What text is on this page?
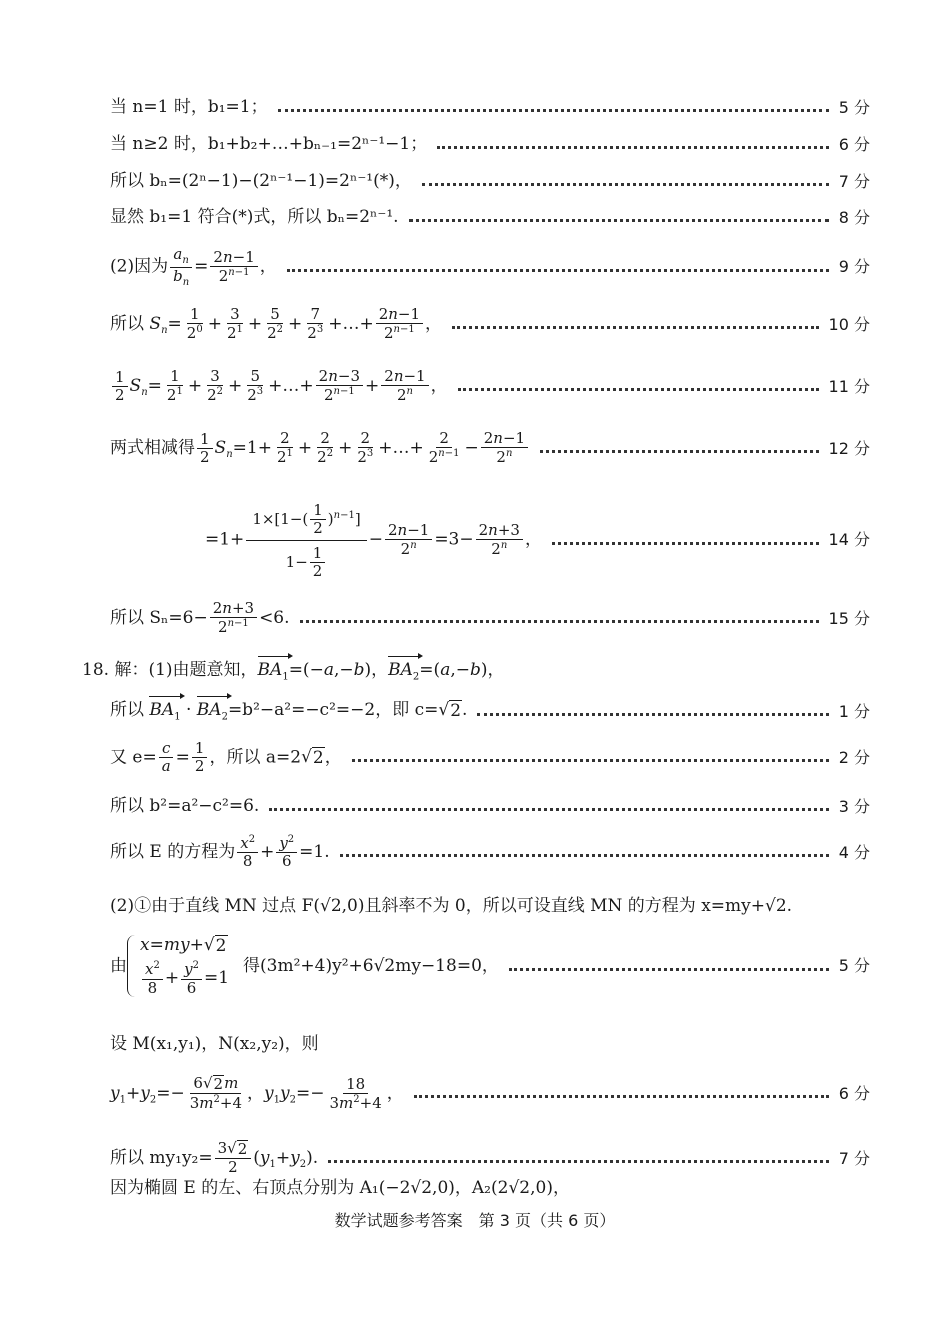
当 n=1 时，b₁=1；	5 分
当 n≥2 时，b₁+b₂+…+bₙ₋₁=2ⁿ⁻¹−1；	6 分
所以 bₙ=(2ⁿ−1)−(2ⁿ⁻¹−1)=2ⁿ⁻¹(*)，	7 分
显然 b₁=1 符合(*)式，所以 bₙ=2ⁿ⁻¹.	8 分
(2)因为 $\frac{a_n}{b_n} = \frac{2n-1}{2^{n-1}}$ ，	9 分
所以 $S_n= \frac{1}{2^0} + \frac{3}{2^1} + \frac{5}{2^2} + \frac{7}{2^3}$ +…+ $\frac{2n-1}{2^{n-1}}$ ，	10 分
$\frac{1}{2} S_n= \frac{1}{2^1} + \frac{3}{2^2} + \frac{5}{2^3}$ +…+ $\frac{2n-3}{2^{n-1}} + \frac{2n-1}{2^n}$ ，	11 分
两式相减得 $\frac{1}{2} S_n=1+ \frac{2}{2^1} + \frac{2}{2^2} + \frac{2}{2^3}$ +…+ $\frac{2}{2^{n-1}} - \frac{2n-1}{2^n}$	12 分
$=1+ \frac{1\times[1-( \frac{1}{2} )^{n-1}]}{1- \frac{1}{2}} - \frac{2n-1}{2^n} =3- \frac{2n+3}{2^n}$ ，	14 分
所以 $S_n=6- \frac{2n+3}{2^{n-1}} <6$.	15 分
18. 解：(1)由题意知，$BA_1=(-a,-b)$，$BA_2=(a,-b)$，
所以 $BA_1 \cdot BA_2=b^2-a^2=-c^2=-2$，即 c=√ 2 .	1 分
又 $e= \frac{c}{a} = \frac{1}{2}$ ，所以 a=2√ 2 ，	2 分
所以 b²=a²−c²=6.	3 分
所以 E 的方程为 $\frac{x^2}{8} + \frac{y^2}{6} =1$.	4 分
(2)①由于直线 MN 过点 F(√2,0)且斜率不为 0，所以可设直线 MN 的方程为 x=my+√2.
由
x=my+√ 2
$\frac{x^2}{8} + \frac{y^2}{6} =1$
得(3m²+4)y²+6√2my−18=0，	5 分
设 M(x₁,y₁)，N(x₂,y₂)，则
$y_1+y_2=- \frac{6√ 2 m}{3m^2+4}$ ，$y_1y_2=- \frac{18}{3m^2+4}$ ，	6 分
所以 $my_1y_2= \frac{3√ 2}{2} (y_1+y_2)$.	7 分
因为椭圆 E 的左、右顶点分别为 A₁(−2√2,0)，A₂(2√2,0)，
数学试题参考答案　第 3 页（共 6 页）
